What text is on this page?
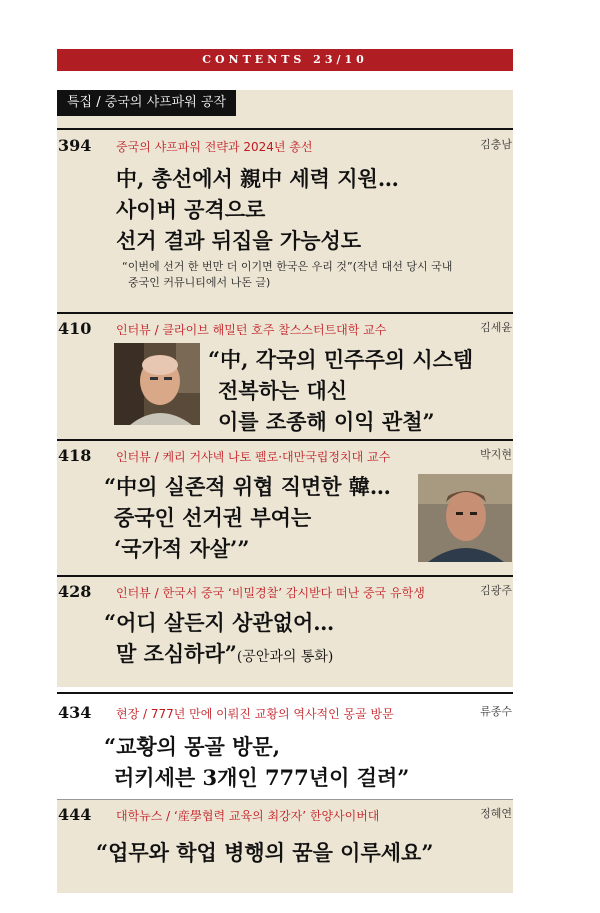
CONTENTS 23/10
특집 / 중국의 샤프파워 공작
394 중국의 샤프파워 전략과 2024년 총선	김충남
中, 총선에서 親中 세력 지원…
사이버 공격으로
선거 결과 뒤집을 가능성도
“이번에 선거 한 번만 더 이기면 한국은 우리 것”(작년 대선 당시 국내
중국인 커뮤니티에서 나돈 글)
410 인터뷰 / 클라이브 해밀턴 호주 찰스스터트대학 교수	김세윤
“中, 각국의 민주주의 시스템
전복하는 대신
이를 조종해 이익 관철”
418 인터뷰 / 케리 거샤넥 나토 펠로·대만국립정치대 교수	박지현
“中의 실존적 위협 직면한 韓…
중국인 선거권 부여는
‘국가적 자살’”
428 인터뷰 / 한국서 중국 ‘비밀경찰’ 감시받다 떠난 중국 유학생	김광주
“어디 살든지 상관없어…
말 조심하라”(공안과의 통화)
434 현장 / 777년 만에 이뤄진 교황의 역사적인 몽골 방문	류종수
“교황의 몽골 방문,
러키세븐 3개인 777년이 걸려”
444 대학뉴스 / ‘産學협력 교육의 최강자’ 한양사이버대	정혜연
“업무와 학업 병행의 꿈을 이루세요”
